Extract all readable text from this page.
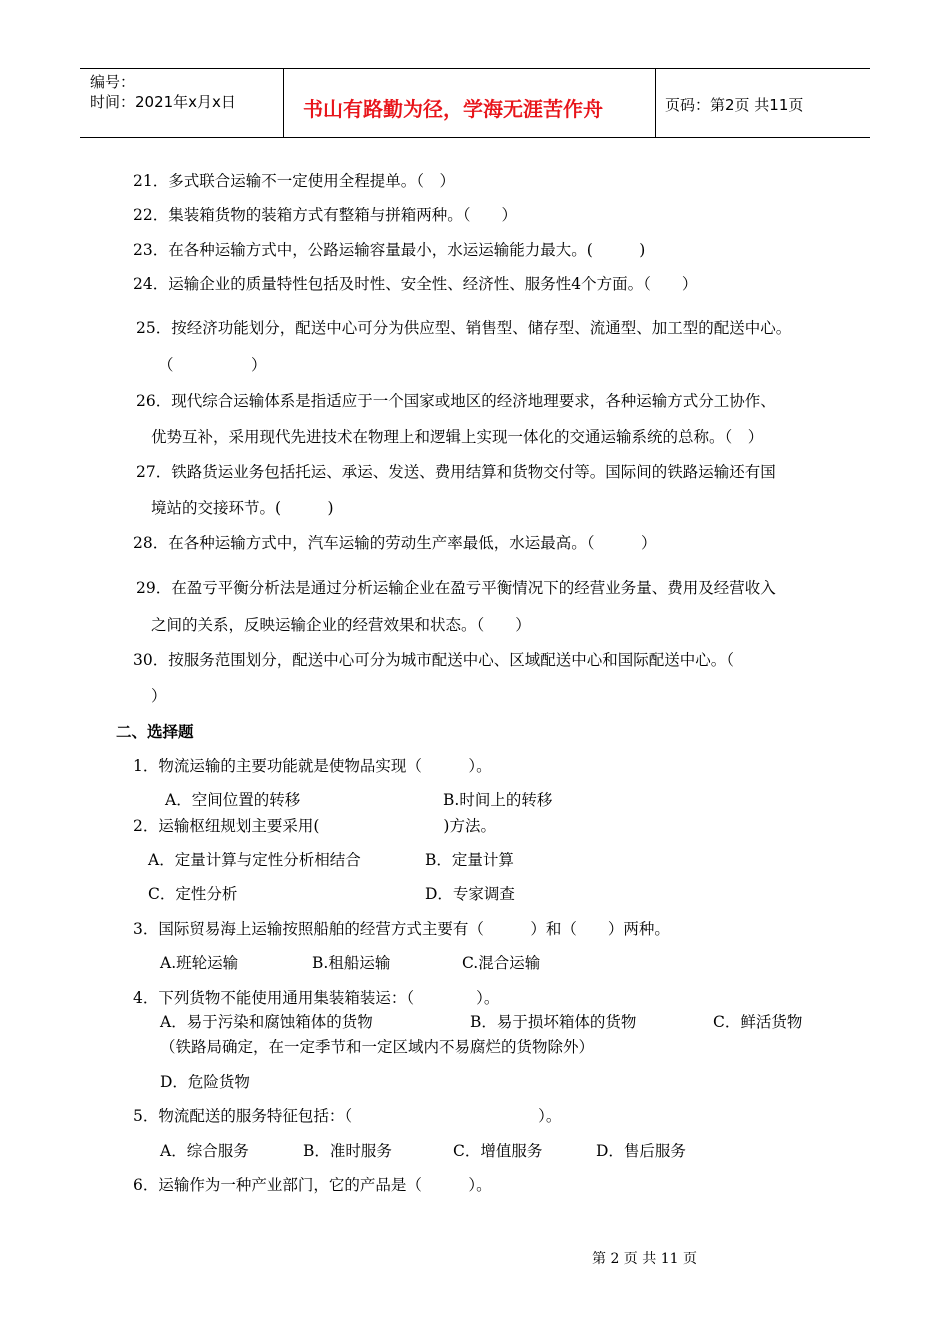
编号：
时间：2021年x月x日	书山有路勤为径，学海无涯苦作舟	页码：第2页 共11页
21．多式联合运输不一定使用全程提单。（　）
22．集装箱货物的装箱方式有整箱与拼箱两种。（　　）
23．在各种运输方式中，公路运输容量最小，水运运输能力最大。(　　　)
24．运输企业的质量特性包括及时性、安全性、经济性、服务性4个方面。（　　）
25．按经济功能划分，配送中心可分为供应型、销售型、储存型、流通型、加工型的配送中心。
（　　　　　）
26．现代综合运输体系是指适应于一个国家或地区的经济地理要求，各种运输方式分工协作、
优势互补，采用现代先进技术在物理上和逻辑上实现一体化的交通运输系统的总称。（　）
27．铁路货运业务包括托运、承运、发送、费用结算和货物交付等。国际间的铁路运输还有国
境站的交接环节。(　　　)
28．在各种运输方式中，汽车运输的劳动生产率最低，水运最高。（　　　）
29．在盈亏平衡分析法是通过分析运输企业在盈亏平衡情况下的经营业务量、费用及经营收入
之间的关系，反映运输企业的经营效果和状态。（　　）
30．按服务范围划分，配送中心可分为城市配送中心、区域配送中心和国际配送中心。（
）
二、选择题
1．物流运输的主要功能就是使物品实现（　　　）。
A．空间位置的转移	B.时间上的转移
2．运输枢纽规划主要采用(　　　　　　　　)方法。
A．定量计算与定性分析相结合	B．定量计算
C．定性分析	D．专家调查
3．国际贸易海上运输按照船舶的经营方式主要有（　　　）和（　　）两种。
A.班轮运输	B.租船运输	C.混合运输
4．下列货物不能使用通用集装箱装运：（　　　　）。
A．易于污染和腐蚀箱体的货物	B．易于损坏箱体的货物	C．鲜活货物
（铁路局确定，在一定季节和一定区域内不易腐烂的货物除外）
D．危险货物
5．物流配送的服务特征包括：（　　　　　　　　　　　　）。
A．综合服务	B．准时服务	C．增值服务	D．售后服务
6．运输作为一种产业部门，它的产品是（　　　）。
第 2 页 共 11 页
